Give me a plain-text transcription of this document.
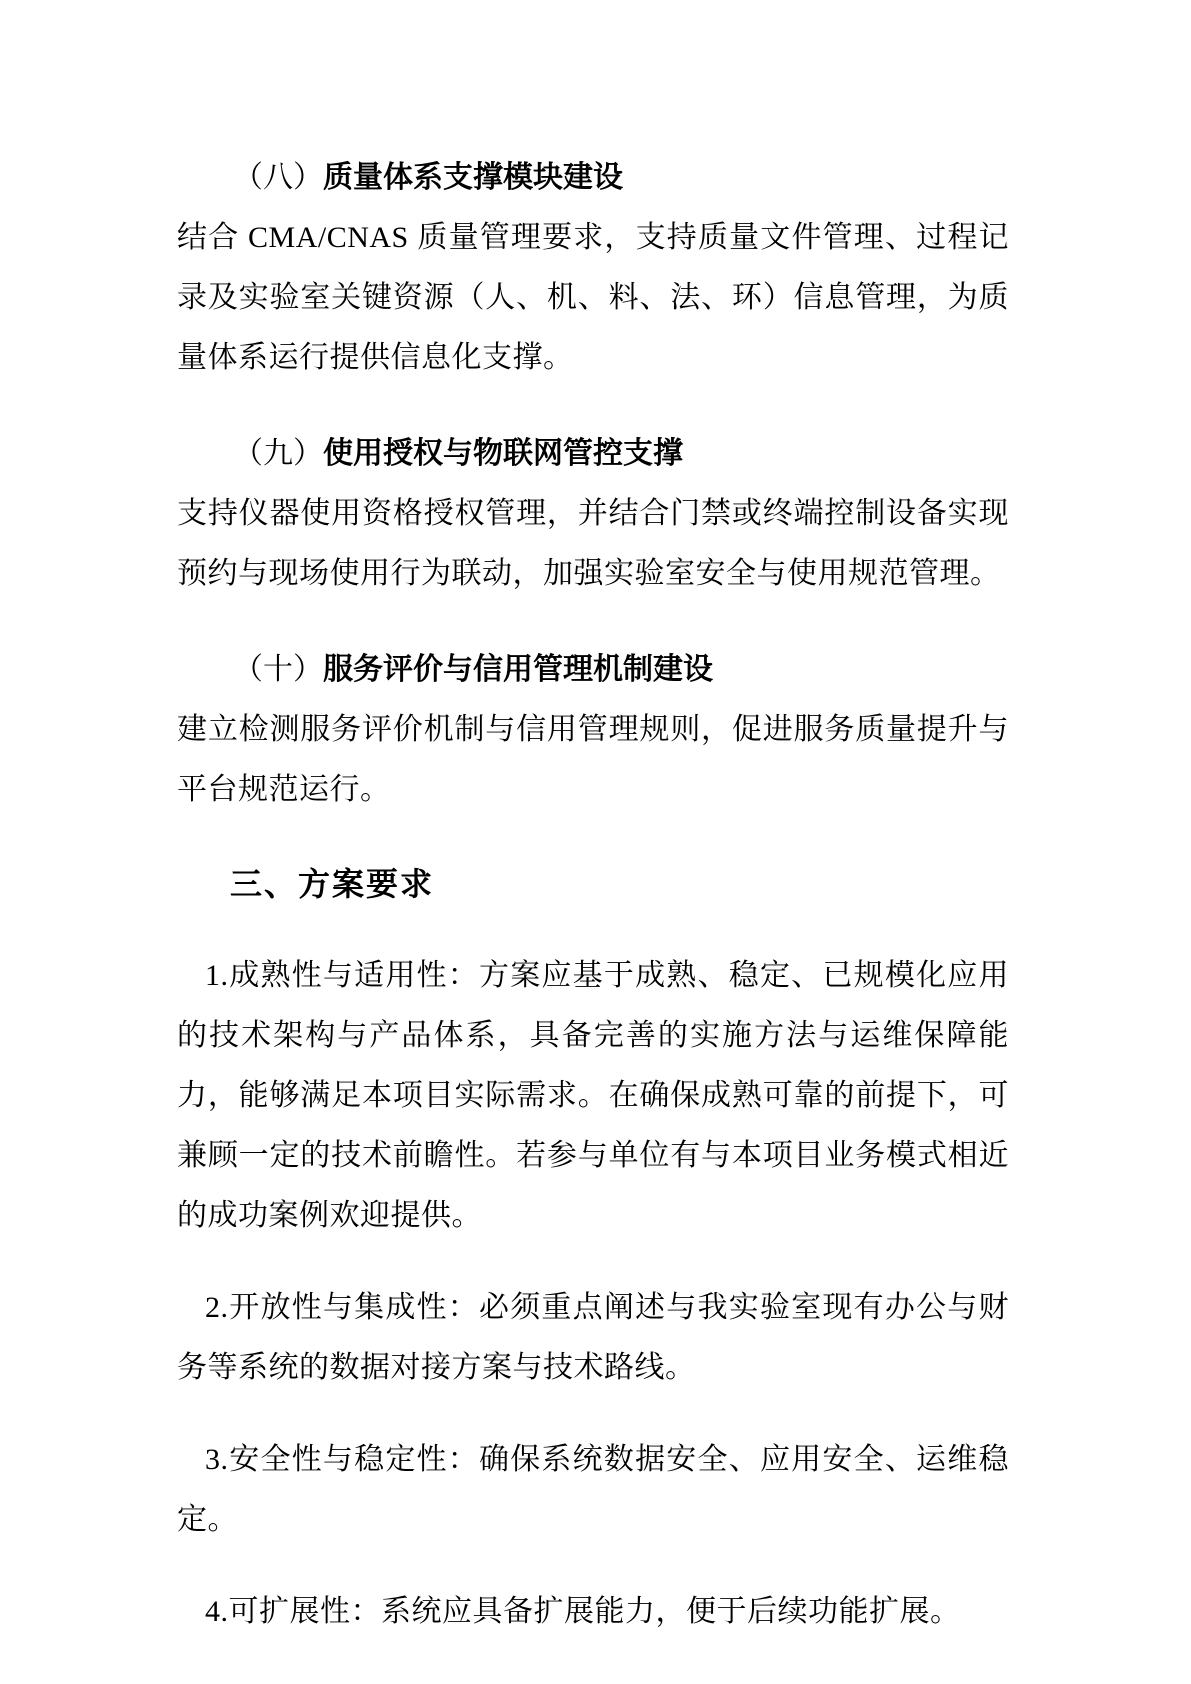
（八）质量体系支撑模块建设

结合 CMA/CNAS 质量管理要求，支持质量文件管理、过程记录及实验室关键资源（人、机、料、法、环）信息管理，为质量体系运行提供信息化支撑。

（九）使用授权与物联网管控支撑

支持仪器使用资格授权管理，并结合门禁或终端控制设备实现预约与现场使用行为联动，加强实验室安全与使用规范管理。

（十）服务评价与信用管理机制建设

建立检测服务评价机制与信用管理规则，促进服务质量提升与平台规范运行。

三、方案要求

1.成熟性与适用性：方案应基于成熟、稳定、已规模化应用的技术架构与产品体系，具备完善的实施方法与运维保障能力，能够满足本项目实际需求。在确保成熟可靠的前提下，可兼顾一定的技术前瞻性。若参与单位有与本项目业务模式相近的成功案例欢迎提供。

2.开放性与集成性：必须重点阐述与我实验室现有办公与财务等系统的数据对接方案与技术路线。

3.安全性与稳定性：确保系统数据安全、应用安全、运维稳定。

4.可扩展性：系统应具备扩展能力，便于后续功能扩展。
